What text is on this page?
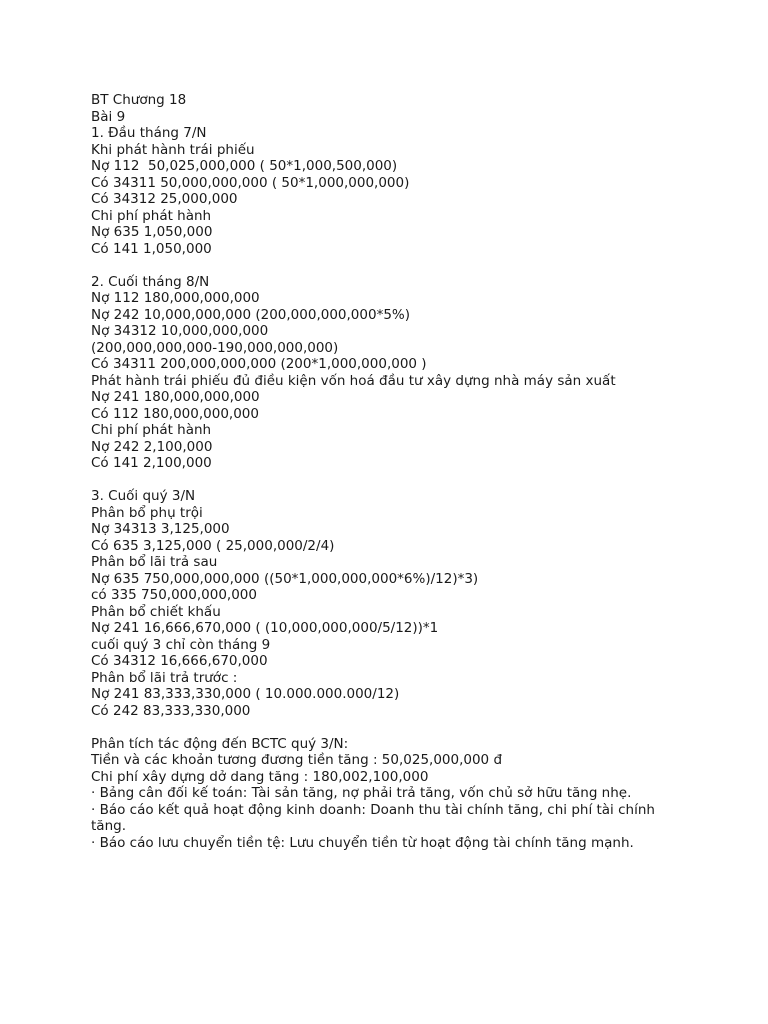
BT Chương 18
Bài 9
1. Đầu tháng 7/N
Khi phát hành trái phiếu
Nợ 112  50,025,000,000 ( 50*1,000,500,000)
Có 34311 50,000,000,000 ( 50*1,000,000,000)
Có 34312 25,000,000
Chi phí phát hành
Nợ 635 1,050,000
Có 141 1,050,000
2. Cuối tháng 8/N
Nợ 112 180,000,000,000
Nợ 242 10,000,000,000 (200,000,000,000*5%)
Nợ 34312 10,000,000,000
(200,000,000,000-190,000,000,000)
Có 34311 200,000,000,000 (200*1,000,000,000 )
Phát hành trái phiếu đủ điều kiện vốn hoá đầu tư xây dựng nhà máy sản xuất
Nợ 241 180,000,000,000
Có 112 180,000,000,000
Chi phí phát hành
Nợ 242 2,100,000
Có 141 2,100,000
3. Cuối quý 3/N
Phân bổ phụ trội
Nợ 34313 3,125,000
Có 635 3,125,000 ( 25,000,000/2/4)
Phân bổ lãi trả sau
Nợ 635 750,000,000,000 ((50*1,000,000,000*6%)/12)*3)
có 335 750,000,000,000
Phân bổ chiết khấu
Nợ 241 16,666,670,000 ( (10,000,000,000/5/12))*1
cuối quý 3 chỉ còn tháng 9
Có 34312 16,666,670,000
Phân bổ lãi trả trước :
Nợ 241 83,333,330,000 ( 10.000.000.000/12)
Có 242 83,333,330,000
Phân tích tác động đến BCTC quý 3/N:
Tiền và các khoản tương đương tiền tăng : 50,025,000,000 đ
Chi phí xây dựng dở dang tăng : 180,002,100,000
· Bảng cân đối kế toán: Tài sản tăng, nợ phải trả tăng, vốn chủ sở hữu tăng nhẹ.
· Báo cáo kết quả hoạt động kinh doanh: Doanh thu tài chính tăng, chi phí tài chính tăng.
· Báo cáo lưu chuyển tiền tệ: Lưu chuyển tiền từ hoạt động tài chính tăng mạnh.
